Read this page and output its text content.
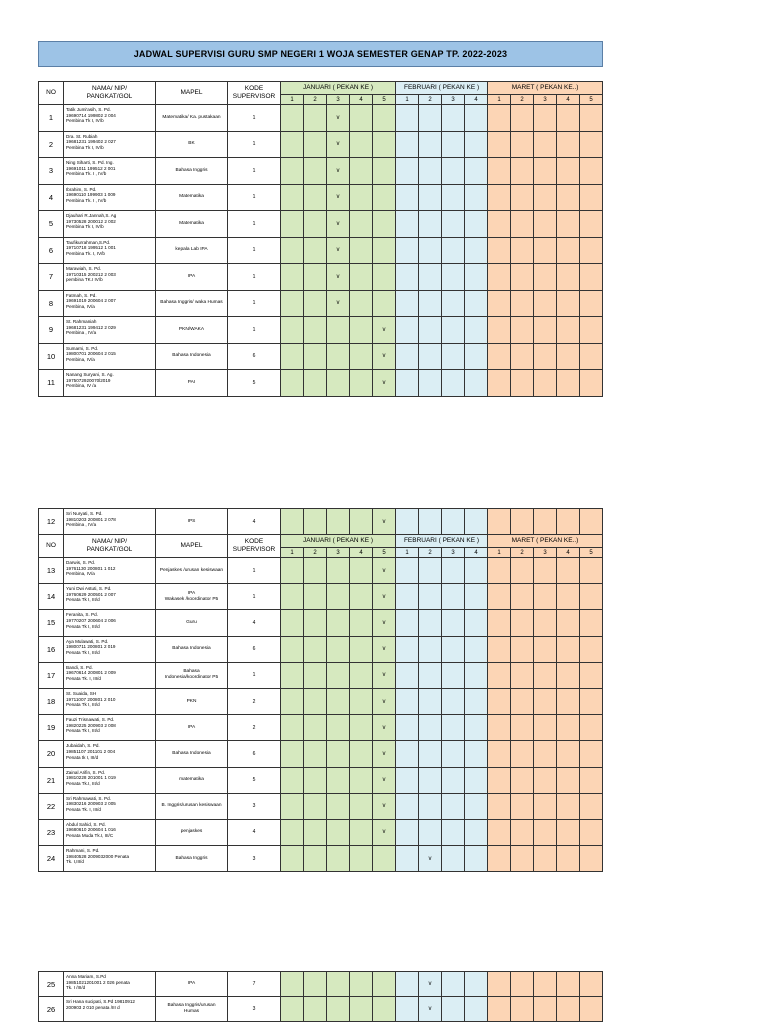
JADWAL SUPERVISI GURU SMP NEGERI 1 WOJA SEMESTER GENAP TP. 2022-2023
NO	NAMA/ NIP/
PANGKAT/GOL	MAPEL	KODE
SUPERVISOR	JANUARI ( PEKAN KE )					FEBRUARI ( PEKAN KE )				MARET ( PEKAN KE..)				
				1	2	3	4	5	1	2	3	4	1	2	3	4	5
1	Tatik Jumi'asih, S. Pd.
19690714 199802 2 004
Pembina Tk I, IV/b	Matematika/ Ka. pustakaan	1			v											
2	Dra. St. Rubiah
19681231 199402 2 027
Pembina Tk I, IV/b	BK	1			v											
3	Ning Siharti, S. Pd. Ing.
19691011 199512 2 001
Pembina Tk. I , IV/b	Bahasa Inggris	1			v											
4	Ibrahim, S. Pd.
19690110 199903 1 009
Pembina Tk. I , IV/b	Matematika	1			v											
5	Djauhari R.Jannah,S. Ag
19730528 200012 2 002
Pembina Tk I, IV/b	Matematika	1			v											
6	Taufikurrahman,S.Pd.
19710718 199512 1 001
Pembina Tk. I, IV/b	kepala Lab IPA	1			v											
7	Marawiah, S. Pd.
19710315 200212 2 003
pembina TK.I IV/b	IPA	1			v											
8	Fatmah, S. Pd.
19691019 200604 2 007
Pembina, IV/a	Bahasa Inggris/ waka Humas	1			v											
9	St. Rahmaniah
19681231 199412 2 029
Pembina , IV/a	PKN/WAKA	1					v									
10	Sumarni, S. Pd.
19800701 200604 2 015
Pembina, IV/a	Bahasa Indonesia	6					v									
11	Nanang Suryani, S. Ag.
1975072920070l2019
Pembina, IV /a	PAI	5					v									
12	Sri Nuryati, S. Pd.
19810203 200801 2 078
Pembina , IV/a	IPS	4					v									
NO	NAMA/ NIP/
PANGKAT/GOL	MAPEL	KODE
SUPERVISOR	JANUARI ( PEKAN KE )					FEBRUARI ( PEKAN KE )				MARET ( PEKAN KE..)				
				1	2	3	4	5	1	2	3	4	1	2	3	4	5
13	Darwis, S. Pd.
19761130 200801 1 012
Pembina, IV/a	Penjaskes /urusan kesiswaan	1					v									
14	Yuni Dwi Astuti, S. Pd.
19760629 200501 2 007
Penata Tk I, III/d	IPA
Wakasek /koordinator P5	1					v									
15	Feranita, S. Pd.
19770207 200604 2 006
Penata Tk I, III/d	Guru	4					v									
16	Aya Mulawati, S. Pd.
19800711 200801 2 019
Penata Tk I, III/d	Bahasa Indonesia	6					v									
17	Bandi, S. Pd.
19670614 200801 2 009
Penata Tk. I, III/d	Bahasa
Indonesia/koordinator P5	1					v									
18	St. Suaida, SH
19711007 200801 2 010
Penata Tk I, III/d	PKN	2					v									
19	Fauzi Trisnawati, S. Pd.
19820225 200903 2 008
Penata Tk I, III/d	IPA	2					v									
20	Jubaidah, S. Pd.
19851107 201101 2 004
Penata tk I, III/d	Bahasa Indonesia	6					v									
21	Zainal Arifin, S. Pd.
19810228 201001 1 019
Penata Tk.I, III/d	matematika	5					v									
22	Sri Rahmawati, S. Pd.
19830216 200903 2 005
Penata Tk. I, III/d	B. Inggris/urusan kesiswaan	3					v									
23	Abdul Sahid, S. Pd.
19680610 200604 1 016
Penata Muda Tk.I, III/C	penjaskes	4					v									
24	Rahmani, S. Pd.
19840528 2009032000 Penata
Tk. I,III/d	Bahasa Inggris	3							v							
25	Anna Mariam, S.Pd
19851021201001 2 026 penata
Tk. I /III/d	IPA	7							v							
26	Sri Hana sucipati, S.Pd 19810912
200903 2 010 penata /III d	Bahasa Inggris/urusan
Humas	3							v							
